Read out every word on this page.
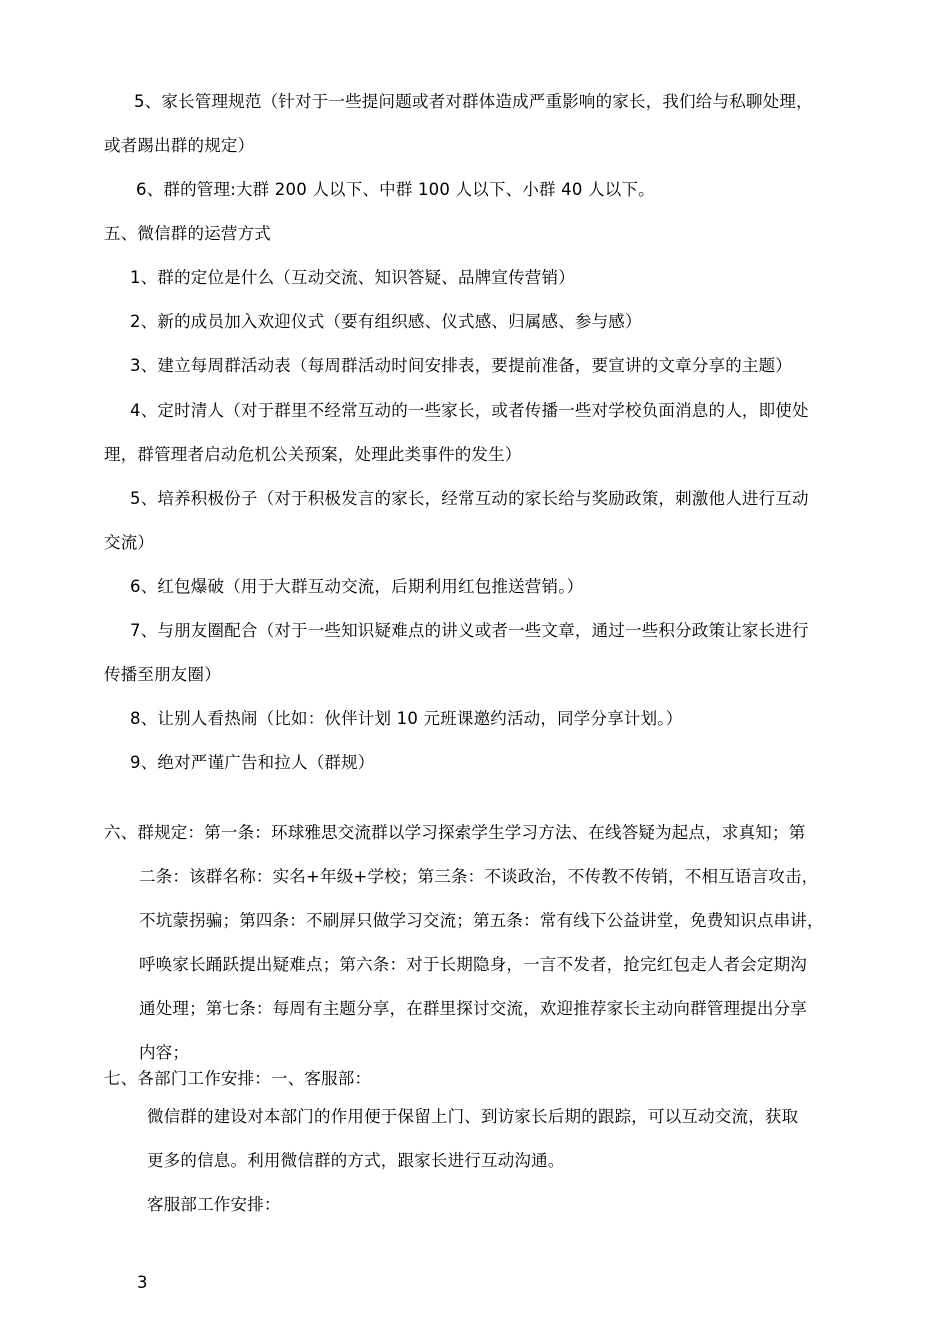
5、家长管理规范（针对于一些提问题或者对群体造成严重影响的家长，我们给与私聊处理，
或者踢出群的规定）
6、群的管理:大群 200 人以下、中群 100 人以下、小群 40 人以下。
五、微信群的运营方式
1、群的定位是什么（互动交流、知识答疑、品牌宣传营销）
2、新的成员加入欢迎仪式（要有组织感、仪式感、归属感、参与感）
3、建立每周群活动表（每周群活动时间安排表，要提前准备，要宣讲的文章分享的主题）
4、定时清人（对于群里不经常互动的一些家长，或者传播一些对学校负面消息的人，即使处
理，群管理者启动危机公关预案，处理此类事件的发生）
5、培养积极份子（对于积极发言的家长，经常互动的家长给与奖励政策，刺激他人进行互动
交流）
6、红包爆破（用于大群互动交流，后期利用红包推送营销。）
7、与朋友圈配合（对于一些知识疑难点的讲义或者一些文章，通过一些积分政策让家长进行
传播至朋友圈）
8、让别人看热闹（比如：伙伴计划 10 元班课邀约活动，同学分享计划。）
9、绝对严谨广告和拉人（群规）
六、群规定：第一条：环球雅思交流群以学习探索学生学习方法、在线答疑为起点，求真知；第
二条：该群名称：实名+年级+学校；第三条：不谈政治，不传教不传销，不相互语言攻击，
不坑蒙拐骗；第四条：不刷屏只做学习交流；第五条：常有线下公益讲堂，免费知识点串讲，
呼唤家长踊跃提出疑难点；第六条：对于长期隐身，一言不发者，抢完红包走人者会定期沟
通处理；第七条：每周有主题分享，在群里探讨交流，欢迎推荐家长主动向群管理提出分享
内容；
七、各部门工作安排：一、客服部：
微信群的建设对本部门的作用便于保留上门、到访家长后期的跟踪，可以互动交流，获取
更多的信息。利用微信群的方式，跟家长进行互动沟通。
客服部工作安排：
3
